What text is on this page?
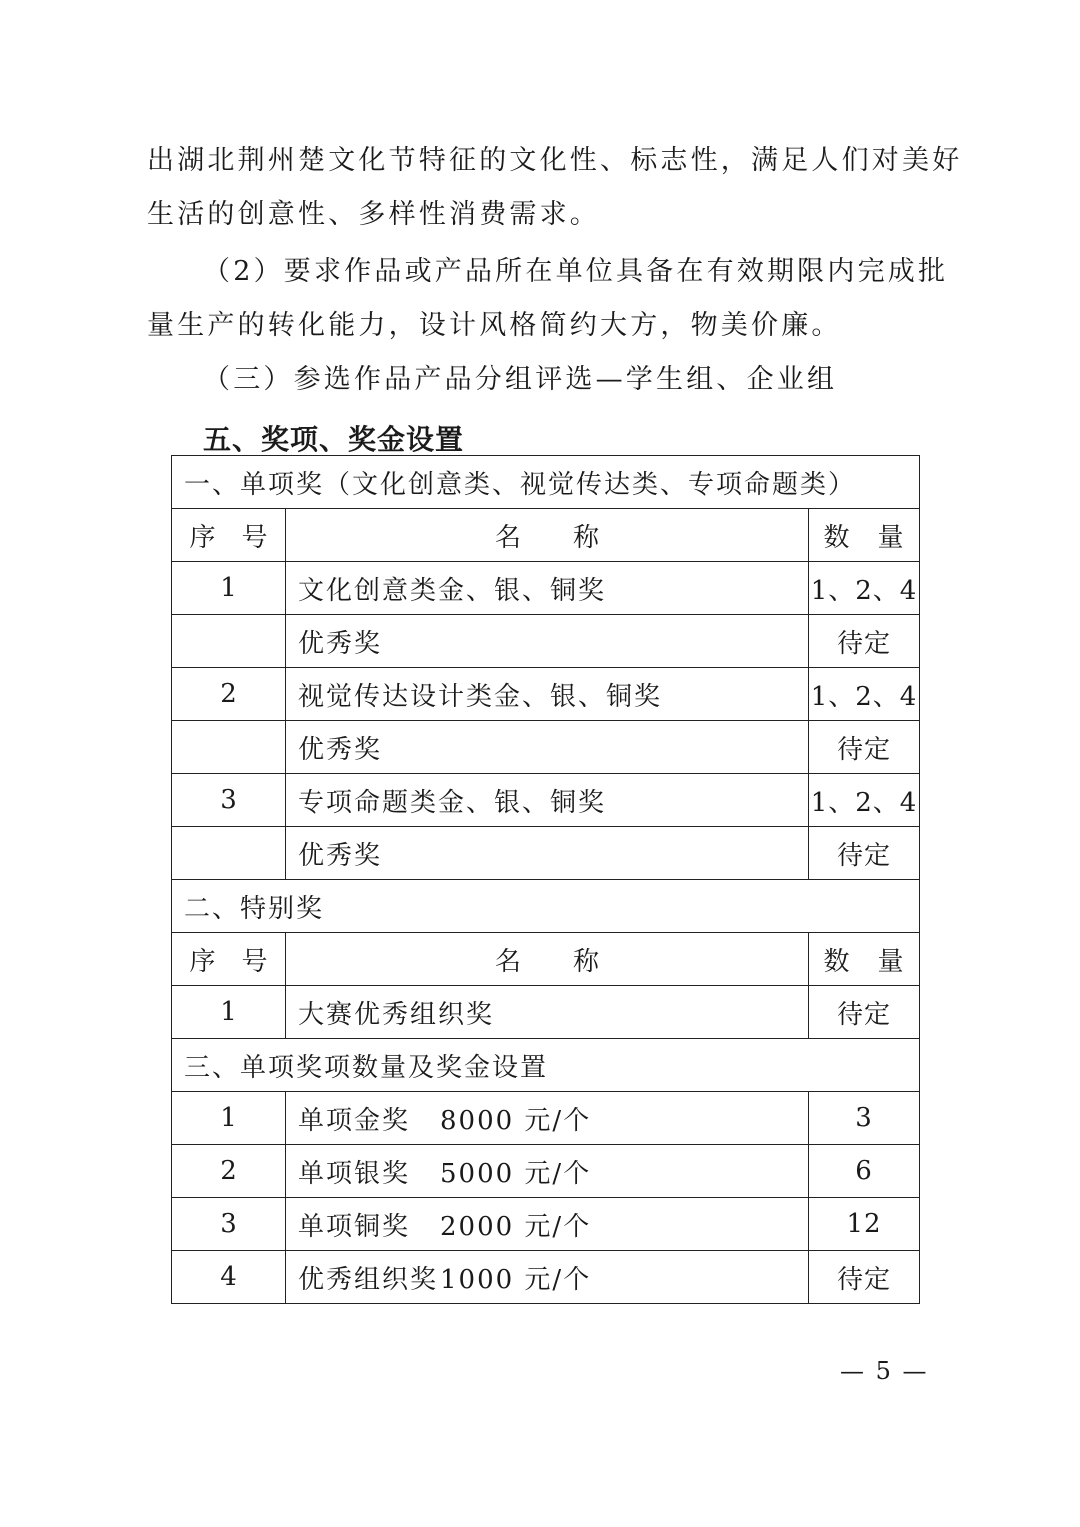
出湖北荆州楚文化节特征的文化性、标志性，满足人们对美好
生活的创意性、多样性消费需求。
（2）要求作品或产品所在单位具备在有效期限内完成批
量生产的转化能力，设计风格简约大方，物美价廉。
（三）参选作品产品分组评选—学生组、企业组
五、奖项、奖金设置
一、单项奖（文化创意类、视觉传达类、专项命题类）		
序　号	名　　称	数　量
1	文化创意类金、银、铜奖	1、2、4
	优秀奖	待定
2	视觉传达设计类金、银、铜奖	1、2、4
	优秀奖	待定
3	专项命题类金、银、铜奖	1、2、4
	优秀奖	待定
二、特别奖		
序　号	名　　称	数　量
1	大赛优秀组织奖	待定
三、单项奖项数量及奖金设置		
1	单项金奖 8000 元/个	3
2	单项银奖 5000 元/个	6
3	单项铜奖 2000 元/个	12
4	优秀组织奖1000 元/个	待定
— 5 —
